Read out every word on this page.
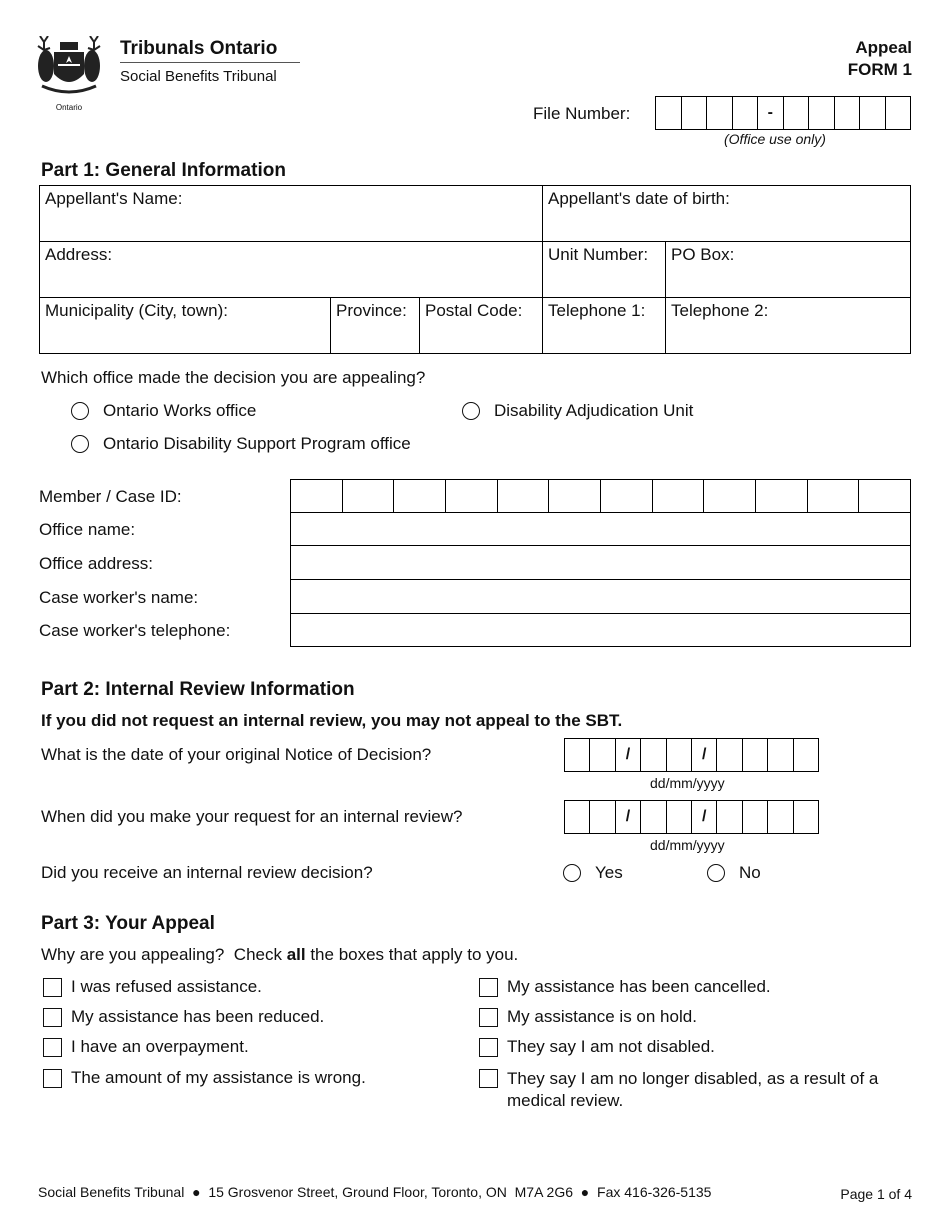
Ontario
Tribunals Ontario
Social Benefits Tribunal
Appeal
FORM 1
File Number:	-
(Office use only)
Part 1: General Information
Appellant's Name:			Appellant's date of birth:	
Address:			Unit Number:	PO Box:
Municipality (City, town):	Province:	Postal Code:	Telephone 1:	Telephone 2:
Which office made the decision you are appealing?
Ontario Works office	Disability Adjudication Unit
Ontario Disability Support Program office
Member / Case ID:
Office name:
Office address:
Case worker's name:
Case worker's telephone:
Part 2: Internal Review Information
If you did not request an internal review, you may not appeal to the SBT.
What is the date of your original Notice of Decision?	/	/
dd/mm/yyyy
When did you make your request for an internal review?	/	/
dd/mm/yyyy
Did you receive an internal review decision?	Yes	No
Part 3: Your Appeal
Why are you appealing?  Check all the boxes that apply to you.
I was refused assistance.
My assistance has been reduced.
I have an overpayment.
The amount of my assistance is wrong.
My assistance has been cancelled.
My assistance is on hold.
They say I am not disabled.
They say I am no longer disabled, as a result of a medical review.
Social Benefits Tribunal  ●  15 Grosvenor Street, Ground Floor, Toronto, ON  M7A 2G6  ●  Fax 416-326-5135	Page 1 of 4
